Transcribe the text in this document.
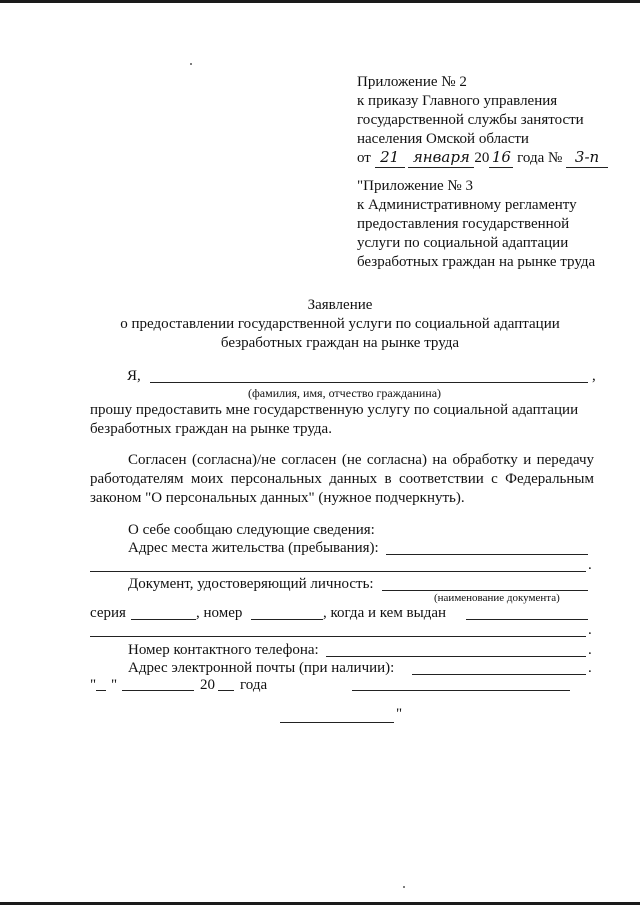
Приложение № 2
к приказу Главного управления
государственной службы занятости
населения Омской области
от 21 января 20 16 года № 3-п
"Приложение № 3
к Административному регламенту
предоставления государственной
услуги по социальной адаптации
безработных граждан на рынке труда
Заявление
о предоставлении государственной услуги по социальной адаптации
безработных граждан на рынке труда
Я,	,
(фамилия, имя, отчество гражданина)
прошу предоставить мне государственную услугу по социальной адаптации
безработных граждан на рынке труда.
Согласен (согласна)/не согласен (не согласна) на обработку и передачу работодателям моих персональных данных в соответствии с Федеральным законом "О персональных данных" (нужное подчеркнуть).
О себе сообщаю следующие сведения:
Адрес места жительства (пребывания):
.
Документ, удостоверяющий личность:
(наименование документа)
серия	, номер	, когда и кем выдан
.
Номер контактного телефона:	.
Адрес электронной почты (при наличии):	.
" "	20 года
"
